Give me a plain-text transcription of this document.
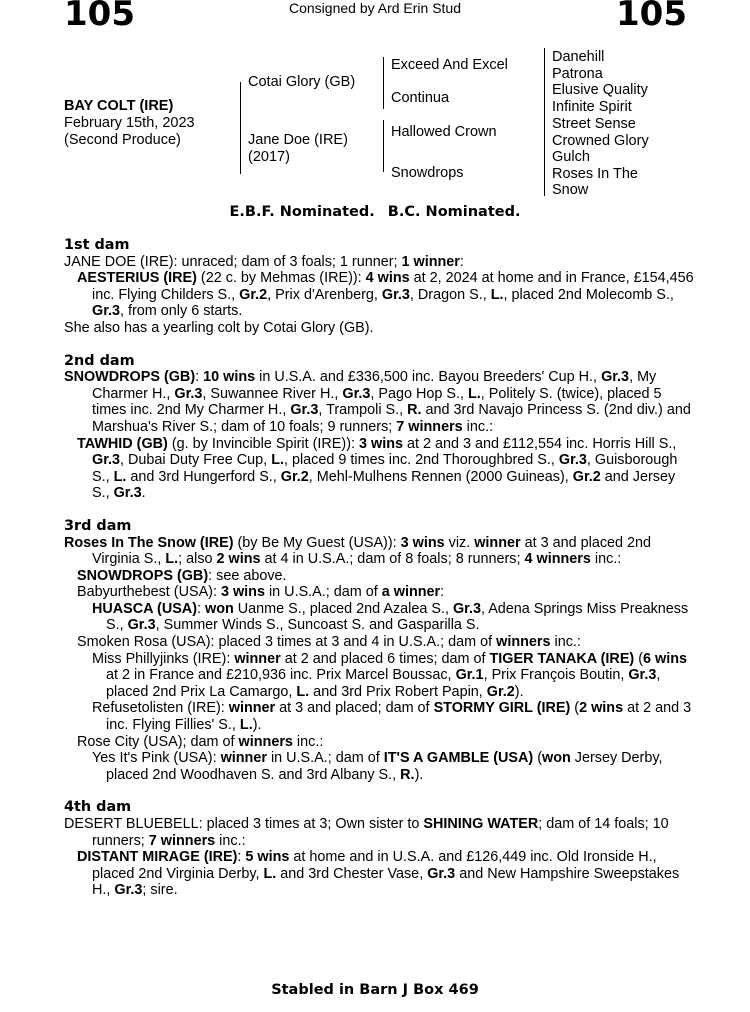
105	Consigned by Ard Erin Stud	105
BAY COLT (IRE)
February 15th, 2023
(Second Produce)
Cotai Glory (GB)
Jane Doe (IRE)
(2017)
Exceed And Excel
Continua
Hallowed Crown
Snowdrops
Danehill
Patrona
Elusive Quality
Infinite Spirit
Street Sense
Crowned Glory
Gulch
Roses In The
Snow
E.B.F. Nominated. B.C. Nominated.
1st dam

JANE DOE (IRE): unraced; dam of 3 foals; 1 runner; 1 winner:

AESTERIUS (IRE) (22 c. by Mehmas (IRE)): 4 wins at 2, 2024 at home and in France, £154,456 inc. Flying Childers S., Gr.2, Prix d'Arenberg, Gr.3, Dragon S., L., placed 2nd Molecomb S., Gr.3, from only 6 starts.

She also has a yearling colt by Cotai Glory (GB).

2nd dam

SNOWDROPS (GB): 10 wins in U.S.A. and £336,500 inc. Bayou Breeders' Cup H., Gr.3, My Charmer H., Gr.3, Suwannee River H., Gr.3, Pago Hop S., L., Politely S. (twice), placed 5 times inc. 2nd My Charmer H., Gr.3, Trampoli S., R. and 3rd Navajo Princess S. (2nd div.) and Marshua's River S.; dam of 10 foals; 9 runners; 7 winners inc.:

TAWHID (GB) (g. by Invincible Spirit (IRE)): 3 wins at 2 and 3 and £112,554 inc. Horris Hill S., Gr.3, Dubai Duty Free Cup, L., placed 9 times inc. 2nd Thoroughbred S., Gr.3, Guisborough S., L. and 3rd Hungerford S., Gr.2, Mehl-Mulhens Rennen (2000 Guineas), Gr.2 and Jersey S., Gr.3.

3rd dam

Roses In The Snow (IRE) (by Be My Guest (USA)): 3 wins viz. winner at 3 and placed 2nd Virginia S., L.; also 2 wins at 4 in U.S.A.; dam of 8 foals; 8 runners; 4 winners inc.:

SNOWDROPS (GB): see above.

Babyurthebest (USA): 3 wins in U.S.A.; dam of a winner:

HUASCA (USA): won Uanme S., placed 2nd Azalea S., Gr.3, Adena Springs Miss Preakness S., Gr.3, Summer Winds S., Suncoast S. and Gasparilla S.

Smoken Rosa (USA): placed 3 times at 3 and 4 in U.S.A.; dam of winners inc.:

Miss Phillyjinks (IRE): winner at 2 and placed 6 times; dam of TIGER TANAKA (IRE) (6 wins at 2 in France and £210,936 inc. Prix Marcel Boussac, Gr.1, Prix François Boutin, Gr.3, placed 2nd Prix La Camargo, L. and 3rd Prix Robert Papin, Gr.2).

Refusetolisten (IRE): winner at 3 and placed; dam of STORMY GIRL (IRE) (2 wins at 2 and 3 inc. Flying Fillies' S., L.).

Rose City (USA); dam of winners inc.:

Yes It's Pink (USA): winner in U.S.A.; dam of IT'S A GAMBLE (USA) (won Jersey Derby, placed 2nd Woodhaven S. and 3rd Albany S., R.).

4th dam

DESERT BLUEBELL: placed 3 times at 3; Own sister to SHINING WATER; dam of 14 foals; 10 runners; 7 winners inc.:

DISTANT MIRAGE (IRE): 5 wins at home and in U.S.A. and £126,449 inc. Old Ironside H., placed 2nd Virginia Derby, L. and 3rd Chester Vase, Gr.3 and New Hampshire Sweepstakes H., Gr.3; sire.

Stabled in Barn J Box 469
